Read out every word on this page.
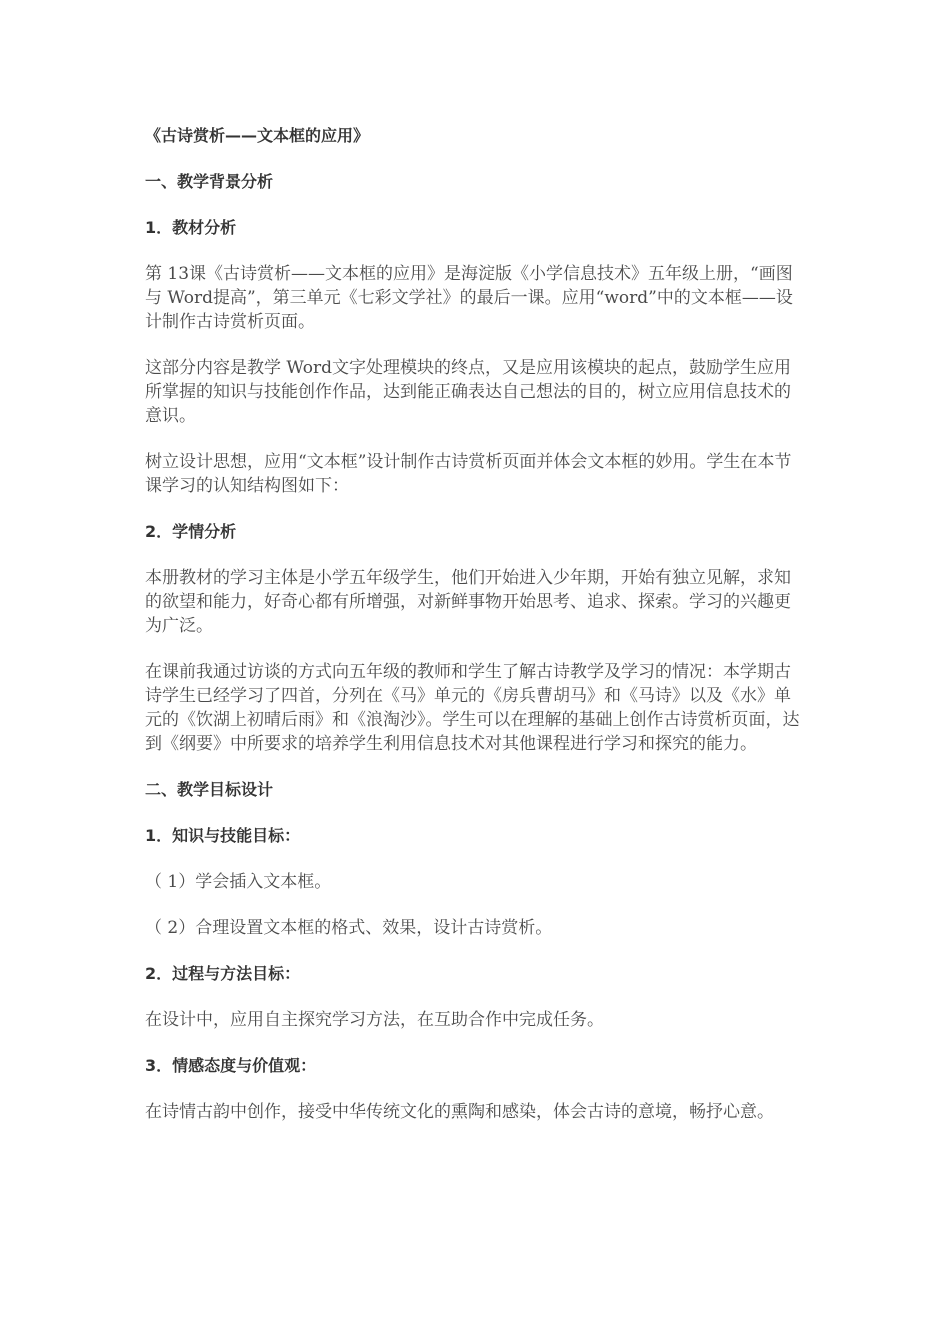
《古诗赏析——文本框的应用》
一、教学背景分析
1．教材分析

第 13课《古诗赏析——文本框的应用》是海淀版《小学信息技术》五年级上册，“画图与 Word提高”，第三单元《七彩文学社》的最后一课。应用“word”中的文本框——设计制作古诗赏析页面。

这部分内容是教学 Word文字处理模块的终点，又是应用该模块的起点，鼓励学生应用所掌握的知识与技能创作作品，达到能正确表达自己想法的目的，树立应用信息技术的意识。

树立设计思想，应用“文本框”设计制作古诗赏析页面并体会文本框的妙用。学生在本节课学习的认知结构图如下：

2．学情分析

本册教材的学习主体是小学五年级学生，他们开始进入少年期，开始有独立见解，求知的欲望和能力，好奇心都有所增强，对新鲜事物开始思考、追求、探索。学习的兴趣更为广泛。

在课前我通过访谈的方式向五年级的教师和学生了解古诗教学及学习的情况：本学期古诗学生已经学习了四首，分列在《马》单元的《房兵曹胡马》和《马诗》以及《水》单元的《饮湖上初晴后雨》和《浪淘沙》。学生可以在理解的基础上创作古诗赏析页面，达到《纲要》中所要求的培养学生利用信息技术对其他课程进行学习和探究的能力。

二、教学目标设计
1．知识与技能目标：

（ 1）学会插入文本框。

（ 2）合理设置文本框的格式、效果，设计古诗赏析。

2．过程与方法目标：

在设计中，应用自主探究学习方法，在互助合作中完成任务。

3．情感态度与价值观：

在诗情古韵中创作，接受中华传统文化的熏陶和感染，体会古诗的意境，畅抒心意。
